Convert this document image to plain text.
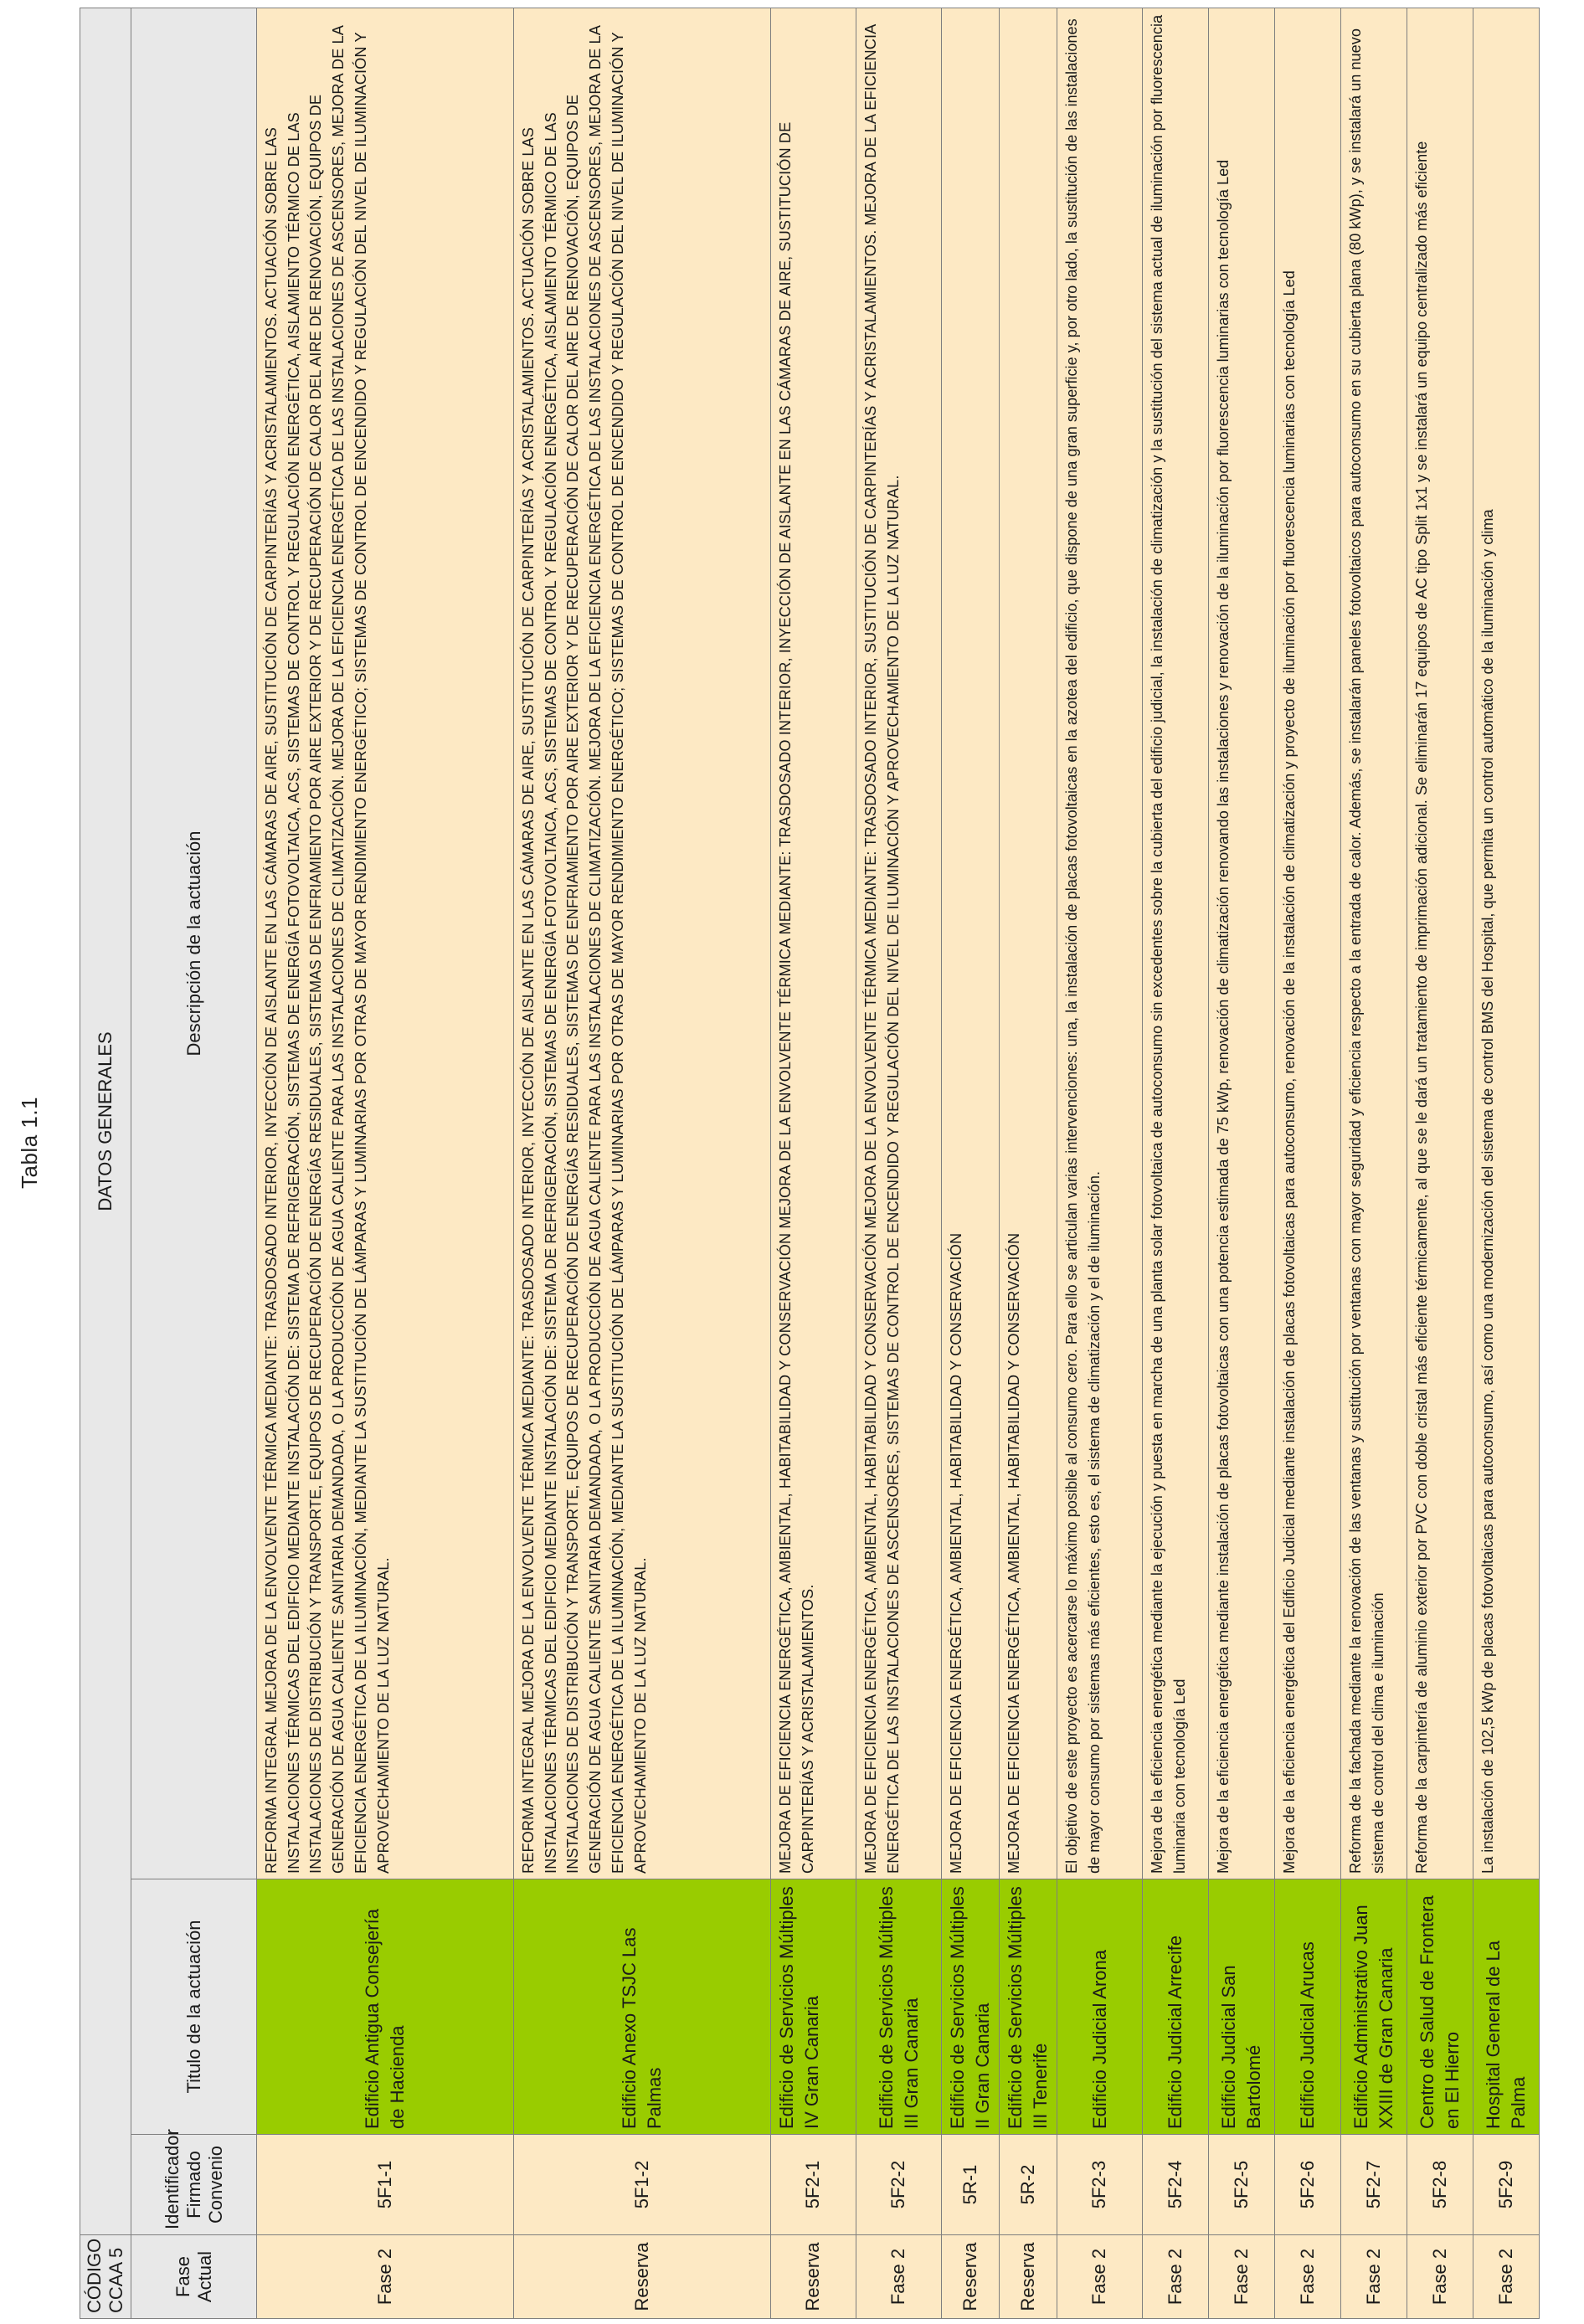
Tabla 1.1
CÓDIGO CCAA 5	DATOS GENERALES		

Fase Actual	Identificador Firmado Convenio	Titulo de la actuación	Descripción de la actuación
Fase 2	5F1-1	Edificio Antigua Consejería de Hacienda	REFORMA INTEGRAL MEJORA DE LA ENVOLVENTE TÉRMICA MEDIANTE: TRASDOSADO INTERIOR, INYECCIÓN DE AISLANTE EN LAS CÁMARAS DE AIRE, SUSTITUCIÓN DE CARPINTERÍAS Y ACRISTALAMIENTOS. ACTUACIÓN SOBRE LAS INSTALACIONES TÉRMICAS DEL EDIFICIO MEDIANTE INSTALACIÓN DE: SISTEMA DE REFRIGERACIÓN, SISTEMAS DE ENERGÍA FOTOVOLTAICA, ACS, SISTEMAS DE CONTROL Y REGULACIÓN ENERGÉTICA, AISLAMIENTO TÉRMICO DE LAS INSTALACIONES DE DISTRIBUCIÓN Y TRANSPORTE, EQUIPOS DE RECUPERACIÓN DE ENERGÍAS RESIDUALES, SISTEMAS DE ENFRIAMIENTO POR AIRE EXTERIOR Y DE RECUPERACIÓN DE CALOR DEL AIRE DE RENOVACIÓN, EQUIPOS DE GENERACIÓN DE AGUA CALIENTE SANITARIA DEMANDADA, O LA PRODUCCIÓN DE AGUA CALIENTE PARA LAS INSTALACIONES DE CLIMATIZACIÓN. MEJORA DE LA EFICIENCIA ENERGÉTICA DE LAS INSTALACIONES DE ASCENSORES, MEJORA DE LA EFICIENCIA ENERGÉTICA DE LA ILUMINACIÓN, MEDIANTE LA SUSTITUCIÓN DE LÁMPARAS Y LUMINARIAS POR OTRAS DE MAYOR RENDIMIENTO ENERGÉTICO; SISTEMAS DE CONTROL DE ENCENDIDO Y REGULACIÓN DEL NIVEL DE ILUMINACIÓN Y APROVECHAMIENTO DE LA LUZ NATURAL.
Reserva	5F1-2	Edificio Anexo TSJC Las Palmas	REFORMA INTEGRAL MEJORA DE LA ENVOLVENTE TÉRMICA MEDIANTE: TRASDOSADO INTERIOR, INYECCIÓN DE AISLANTE EN LAS CÁMARAS DE AIRE, SUSTITUCIÓN DE CARPINTERÍAS Y ACRISTALAMIENTOS. ACTUACIÓN SOBRE LAS INSTALACIONES TÉRMICAS DEL EDIFICIO MEDIANTE INSTALACIÓN DE: SISTEMA DE REFRIGERACIÓN, SISTEMAS DE ENERGÍA FOTOVOLTAICA, ACS, SISTEMAS DE CONTROL Y REGULACIÓN ENERGÉTICA, AISLAMIENTO TÉRMICO DE LAS INSTALACIONES DE DISTRIBUCIÓN Y TRANSPORTE, EQUIPOS DE RECUPERACIÓN DE ENERGÍAS RESIDUALES, SISTEMAS DE ENFRIAMIENTO POR AIRE EXTERIOR Y DE RECUPERACIÓN DE CALOR DEL AIRE DE RENOVACIÓN, EQUIPOS DE GENERACIÓN DE AGUA CALIENTE SANITARIA DEMANDADA, O LA PRODUCCIÓN DE AGUA CALIENTE PARA LAS INSTALACIONES DE CLIMATIZACIÓN. MEJORA DE LA EFICIENCIA ENERGÉTICA DE LAS INSTALACIONES DE ASCENSORES, MEJORA DE LA EFICIENCIA ENERGÉTICA DE LA ILUMINACIÓN, MEDIANTE LA SUSTITUCIÓN DE LÁMPARAS Y LUMINARIAS POR OTRAS DE MAYOR RENDIMIENTO ENERGÉTICO; SISTEMAS DE CONTROL DE ENCENDIDO Y REGULACIÓN DEL NIVEL DE ILUMINACIÓN Y APROVECHAMIENTO DE LA LUZ NATURAL.
Reserva	5F2-1	Edificio de Servicios Múltiples IV Gran Canaria	MEJORA DE EFICIENCIA ENERGÉTICA, AMBIENTAL, HABITABILIDAD Y CONSERVACIÓN MEJORA DE LA ENVOLVENTE TÉRMICA MEDIANTE: TRASDOSADO INTERIOR, INYECCIÓN DE AISLANTE EN LAS CÁMARAS DE AIRE, SUSTITUCIÓN DE CARPINTERÍAS Y ACRISTALAMIENTOS.
Fase 2	5F2-2	Edificio de Servicios Múltiples III Gran Canaria	MEJORA DE EFICIENCIA ENERGÉTICA, AMBIENTAL, HABITABILIDAD Y CONSERVACIÓN MEJORA DE LA ENVOLVENTE TÉRMICA MEDIANTE: TRASDOSADO INTERIOR, SUSTITUCIÓN DE CARPINTERÍAS Y ACRISTALAMIENTOS. MEJORA DE LA EFICIENCIA ENERGÉTICA DE LAS INSTALACIONES DE ASCENSORES, SISTEMAS DE CONTROL DE ENCENDIDO Y REGULACIÓN DEL NIVEL DE ILUMINACIÓN Y APROVECHAMIENTO DE LA LUZ NATURAL.
Reserva	5R-1	Edificio de Servicios Múltiples II Gran Canaria	MEJORA DE EFICIENCIA ENERGÉTICA, AMBIENTAL, HABITABILIDAD Y CONSERVACIÓN
Reserva	5R-2	Edificio de Servicios Múltiples III Tenerife	MEJORA DE EFICIENCIA ENERGÉTICA, AMBIENTAL, HABITABILIDAD Y CONSERVACIÓN
Fase 2	5F2-3	Edificio Judicial Arona	El objetivo de este proyecto es acercarse lo máximo posible al consumo cero. Para ello se articulan varias intervenciones: una, la instalación de placas fotovoltaicas en la azotea del edificio, que dispone de una gran superficie y, por otro lado, la sustitución de las instalaciones de mayor consumo por sistemas más eficientes, esto es, el sistema de climatización y el de iluminación.
Fase 2	5F2-4	Edificio Judicial Arrecife	Mejora de la eficiencia energética mediante la ejecución y puesta en marcha de una planta solar fotovoltaica de autoconsumo sin excedentes sobre la cubierta del edificio judicial, la instalación de climatización y la sustitución del sistema actual de iluminación por fluorescencia luminaria con tecnología Led
Fase 2	5F2-5	Edificio Judicial San Bartolomé	Mejora de la eficiencia energética mediante instalación de placas fotovoltaicas con una potencia estimada de 75 kWp, renovación de climatización renovando las instalaciones y renovación de la iluminación por fluorescencia luminarias con tecnología Led
Fase 2	5F2-6	Edificio Judicial Arucas	Mejora de la eficiencia energética del Edificio Judicial mediante instalación de placas fotovoltaicas para autoconsumo, renovación de la instalación de climatización y proyecto de iluminación por fluorescencia luminarias con tecnología Led
Fase 2	5F2-7	Edificio Administrativo Juan XXIII de Gran Canaria	Reforma de la fachada mediante la renovación de las ventanas y sustitución por ventanas con mayor seguridad y eficiencia respecto a la entrada de calor. Además, se instalarán paneles fotovoltaicos para autoconsumo en su cubierta plana (80 kWp), y se instalará un nuevo sistema de control del clima e iluminación
Fase 2	5F2-8	Centro de Salud de Frontera en El Hierro	Reforma de la carpintería de aluminio exterior por PVC con doble cristal más eficiente térmicamente, al que se le dará un tratamiento de imprimación adicional. Se eliminarán 17 equipos de AC tipo Split 1x1 y se instalará un equipo centralizado más eficiente
Fase 2	5F2-9	Hospital General de La Palma	La instalación de 102,5 kWp de placas fotovoltaicas para autoconsumo, así como una modernización del sistema de control BMS del Hospital, que permita un control automático de la iluminación y clima
